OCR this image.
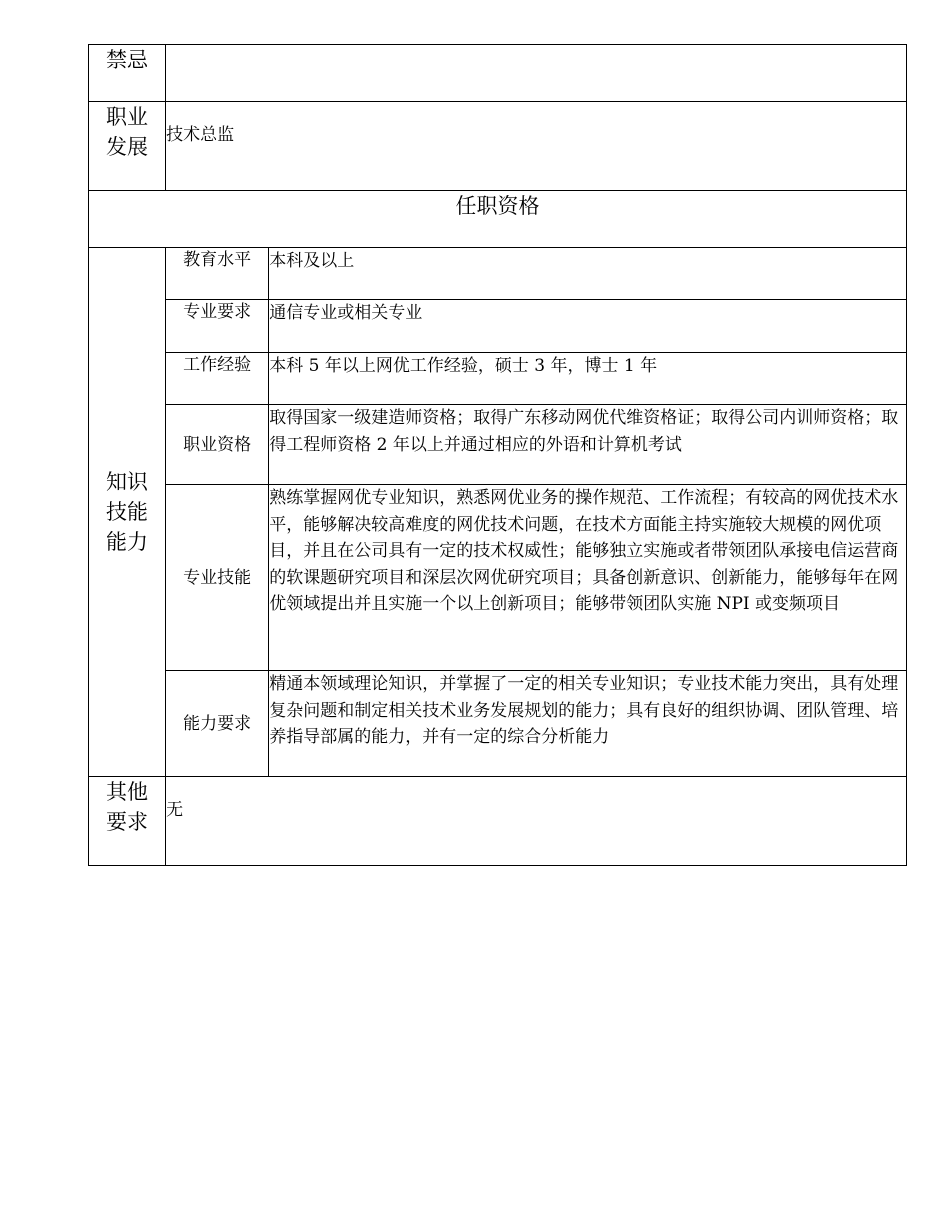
禁忌		

职业
发展	技术总监	
任职资格		

知识
技能
能力	教育水平	本科及以上
	专业要求	通信专业或相关专业
	工作经验	本科 5 年以上网优工作经验，硕士 3 年，博士 1 年
	职业资格	取得国家一级建造师资格；取得广东移动网优代维资格证；取得公司内训师资格；取得工程师资格 2 年以上并通过相应的外语和计算机考试
	专业技能	熟练掌握网优专业知识，熟悉网优业务的操作规范、工作流程；有较高的网优技术水平，能够解决较高难度的网优技术问题，在技术方面能主持实施较大规模的网优项目，并且在公司具有一定的技术权威性；能够独立实施或者带领团队承接电信运营商的软课题研究项目和深层次网优研究项目；具备创新意识、创新能力，能够每年在网优领域提出并且实施一个以上创新项目；能够带领团队实施 NPI 或变频项目
	能力要求	精通本领域理论知识，并掌握了一定的相关专业知识；专业技术能力突出，具有处理复杂问题和制定相关技术业务发展规划的能力；具有良好的组织协调、团队管理、培养指导部属的能力，并有一定的综合分析能力

其他
要求	无	
